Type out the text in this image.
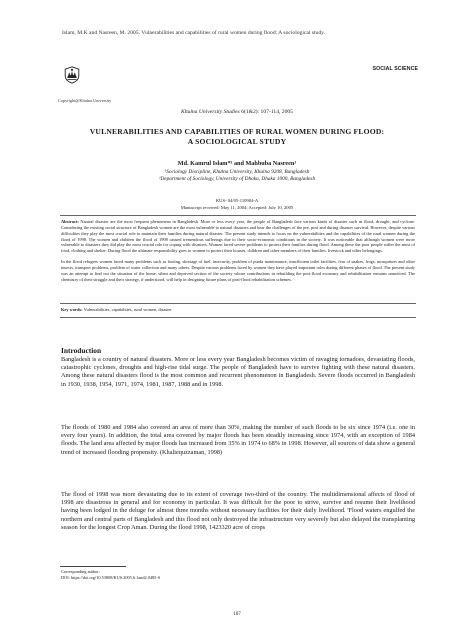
Islam, M.K and Nasreen, M. 2005. Vulnerabilities and capabilities of rural women during flood: A sociological study.
Copyright@Khulna University
SOCIAL SCIENCE
Khulna University Studies 6(1&2): 107-114, 2005
VULNERABILITIES AND CAPABILITIES OF RURAL WOMEN DURING FLOOD:
A SOCIOLOGICAL STUDY
Md. Kamrul Islam*¹ and Mahbuba Nasreen²
¹Sociology Discipline, Khulna University, Khulna 9208, Bangladesh
²Department of Sociology, University of Dhaka, Dhaka 1000, Bangladesh
KUS- 04/05-110904-A
Manuscript received: May 11, 2004; Accepted: July 10, 2005

Abstract: Natural disaster are the most frequent phenomena in Bangladesh. More or less every year, the people of Bangladesh face various kinds of disaster such as flood, drought, and cyclone. Considering the existing social structure of Bangladesh women are the most vulnerable to natural disasters and bear the challenges of the pre, post and during disaster survival. However, despite various difficulties they play the most crucial role to maintain their families during natural disaster. The present study intends to focus on the vulnerabilities and the capabilities of the rural women during the flood of 1998. The women and children the flood of 1998 caused tremendous sufferings due to their socio-economic conditions in the society. It was noticeable that although women were more vulnerable to disasters they did play the most crucial role for coping with disasters. Women faced severe problems to protect their families during flood. Among these the poor people suffer the most of food, clothing and shelter. During flood the ultimate responsibility goes to women to protect their houses, children and other members of their families, livestock and other belongings.

In the flood refugees women faced many problems such as looting, shortage of fuel, insecurity, problem of purda maintenance, insufficient toilet facilities, fear of snakes, frogs, mosquitoes and other insects, transport problems, problem of water collection and many others. Despite various problems faced by women they have played important roles during different phases of flood. The present study was an attempt to find out the situation of the home, silent and deprived section of the society whose contributions in rebuilding the post-flood economy and rehabilitation remains unnoticed. The chemistry of their struggle and their strategy, if understood, will help in designing future plans of post-flood rehabilitation schemes.

Key words: Vulnerabilities, capabilities, rural women, disaster
Introduction

Bangladesh is a country of natural disasters. More or less every year Bangladesh becomes victim of ravaging tornadoes, devastating floods, catastrophic cyclones, droughts and high-rise tidal surge. The people of Bangladesh have to survive fighting with these natural disasters. Among these natural disasters flood is the most common and recurrent phenomenon in Bangladesh. Severe floods occurred in Bangladesh in 1930, 1938, 1954, 1971, 1974, 1981, 1987, 1988 and in 1998.

The floods of 1980 and 1984 also covered an area of more than 30%, making the number of such floods to be six since 1974 (i.e. one in every four years). In addition, the total area covered by major floods has been steadily increasing since 1974, with an exception of 1984 floods. The land area affected by major floods has increased from 35% in 1974 to 68% in 1998. However, all sources of data show a general trend of increased flooding propensity. (Khaliequzzaman, 1998)

The flood of 1998 was more devastating due to its extent of coverage two-third of the country. The multidimensional affects of flood of 1998 are disastrous in general and for economy in particular. It was difficult for the poor to strive, survive and resume their livelihood having been lodged in the deluge for almost three months without necessary facilities for their daily livelihood. 'Flood waters engulfed the northern and central parts of Bangladesh and this flood not only destroyed the infrastructure very severely but also delayed the transplanting season for the longest Crop Aman. During the flood 1998, 1423320 acre of crops

Corresponding author:
DOI: https://doi.org/10.53808/KUS.2005.6.1and2.0485-S
107
